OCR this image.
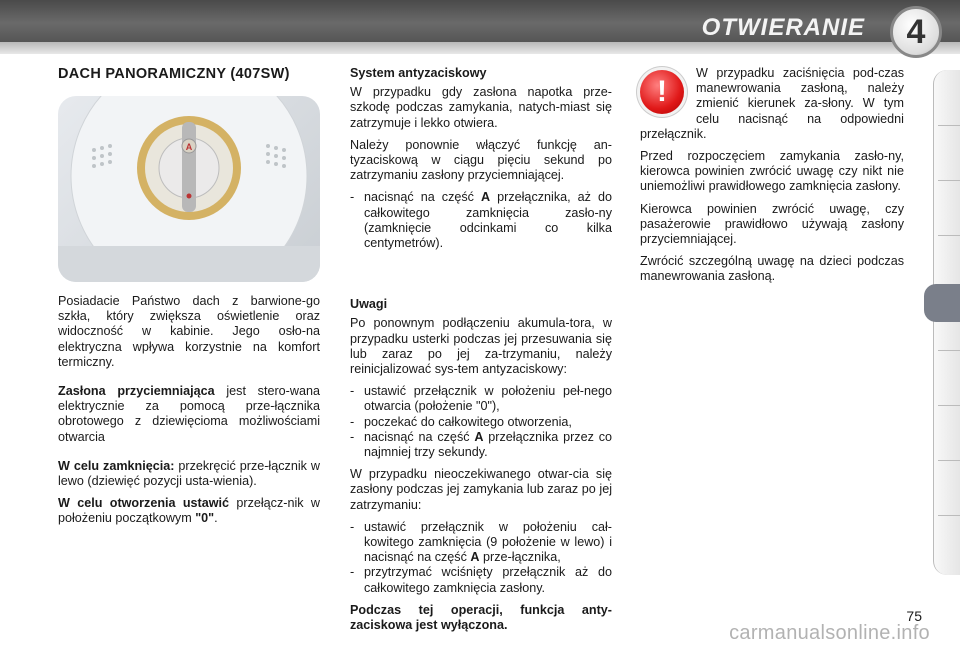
OTWIERANIE	4
DACH PANORAMICZNY (407SW)
A

Posiadacie Państwo dach z barwione-go szkła, który zwiększa oświetlenie oraz widoczność w kabinie. Jego osło-na elektryczna wpływa korzystnie na komfort termiczny.

Zasłona przyciemniająca jest stero-wana elektrycznie za pomocą prze-łącznika obrotowego z dziewięcioma możliwościami otwarcia

W celu zamknięcia: przekręcić prze-łącznik w lewo (dziewięć pozycji usta-wienia).

W celu otworzenia ustawić przełącz-nik w położeniu początkowym "0".

System antyzaciskowy

W przypadku gdy zasłona napotka prze-szkodę podczas zamykania, natych-miast się zatrzymuje i lekko otwiera.

Należy ponownie włączyć funkcję an-tyzaciskową w ciągu pięciu sekund po zatrzymaniu zasłony przyciemniającej.

- nacisnąć na część A przełącznika, aż do całkowitego zamknięcia zasło-ny (zamknięcie odcinkami co kilka centymetrów).
Uwagi

Po ponownym podłączeniu akumula-tora, w przypadku usterki podczas jej przesuwania się lub zaraz po jej za-trzymaniu, należy reinicjalizować sys-tem antyzaciskowy:

- ustawić przełącznik w położeniu peł-nego otwarcia (położenie "0"),
- poczekać do całkowitego otworzenia,
- nacisnąć na część A przełącznika przez co najmniej trzy sekundy.

W przypadku nieoczekiwanego otwar-cia się zasłony podczas jej zamykania lub zaraz po jej zatrzymaniu:

- ustawić przełącznik w położeniu cał-kowitego zamknięcia (9 położenie w lewo) i nacisnąć na część A prze-łącznika,
- przytrzymać wciśnięty przełącznik aż do całkowitego zamknięcia zasłony.

Podczas tej operacji, funkcja anty-zaciskowa jest wyłączona.

!

W przypadku zaciśnięcia pod-czas manewrowania zasłoną, należy zmienić kierunek za-słony. W tym celu nacisnąć na odpowiedni przełącznik.

Przed rozpoczęciem zamykania zasło-ny, kierowca powinien zwrócić uwagę czy nikt nie uniemożliwi prawidłowego zamknięcia zasłony.

Kierowca powinien zwrócić uwagę, czy pasażerowie prawidłowo używają zasłony przyciemniającej.

Zwrócić szczególną uwagę na dzieci podczas manewrowania zasłoną.

75
carmanualsonline.info
